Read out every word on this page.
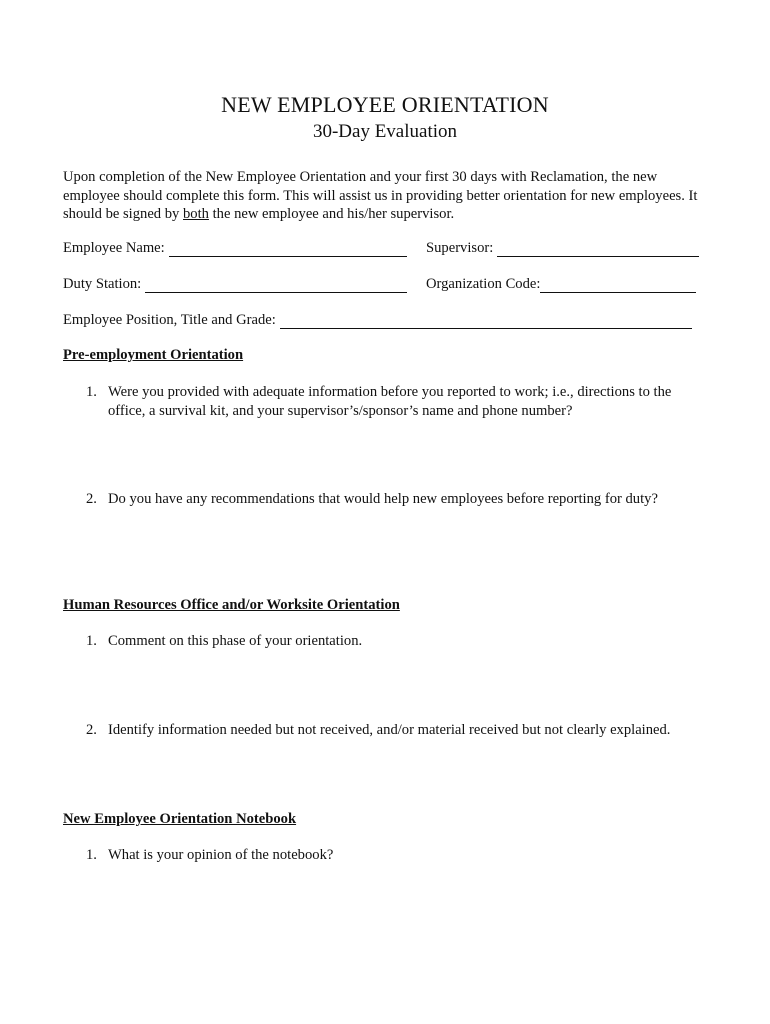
NEW EMPLOYEE ORIENTATION
30-Day Evaluation
Upon completion of the New Employee Orientation and your first 30 days with Reclamation, the new employee should complete this form. This will assist us in providing better orientation for new employees. It should be signed by both the new employee and his/her supervisor.
Employee Name:	Supervisor:
Duty Station:	Organization Code:
Employee Position, Title and Grade:
Pre-employment Orientation
1. Were you provided with adequate information before you reported to work; i.e., directions to the office, a survival kit, and your supervisor’s/sponsor’s name and phone number?
2. Do you have any recommendations that would help new employees before reporting for duty?
Human Resources Office and/or Worksite Orientation
1. Comment on this phase of your orientation.
2. Identify information needed but not received, and/or material received but not clearly explained.
New Employee Orientation Notebook
1. What is your opinion of the notebook?
